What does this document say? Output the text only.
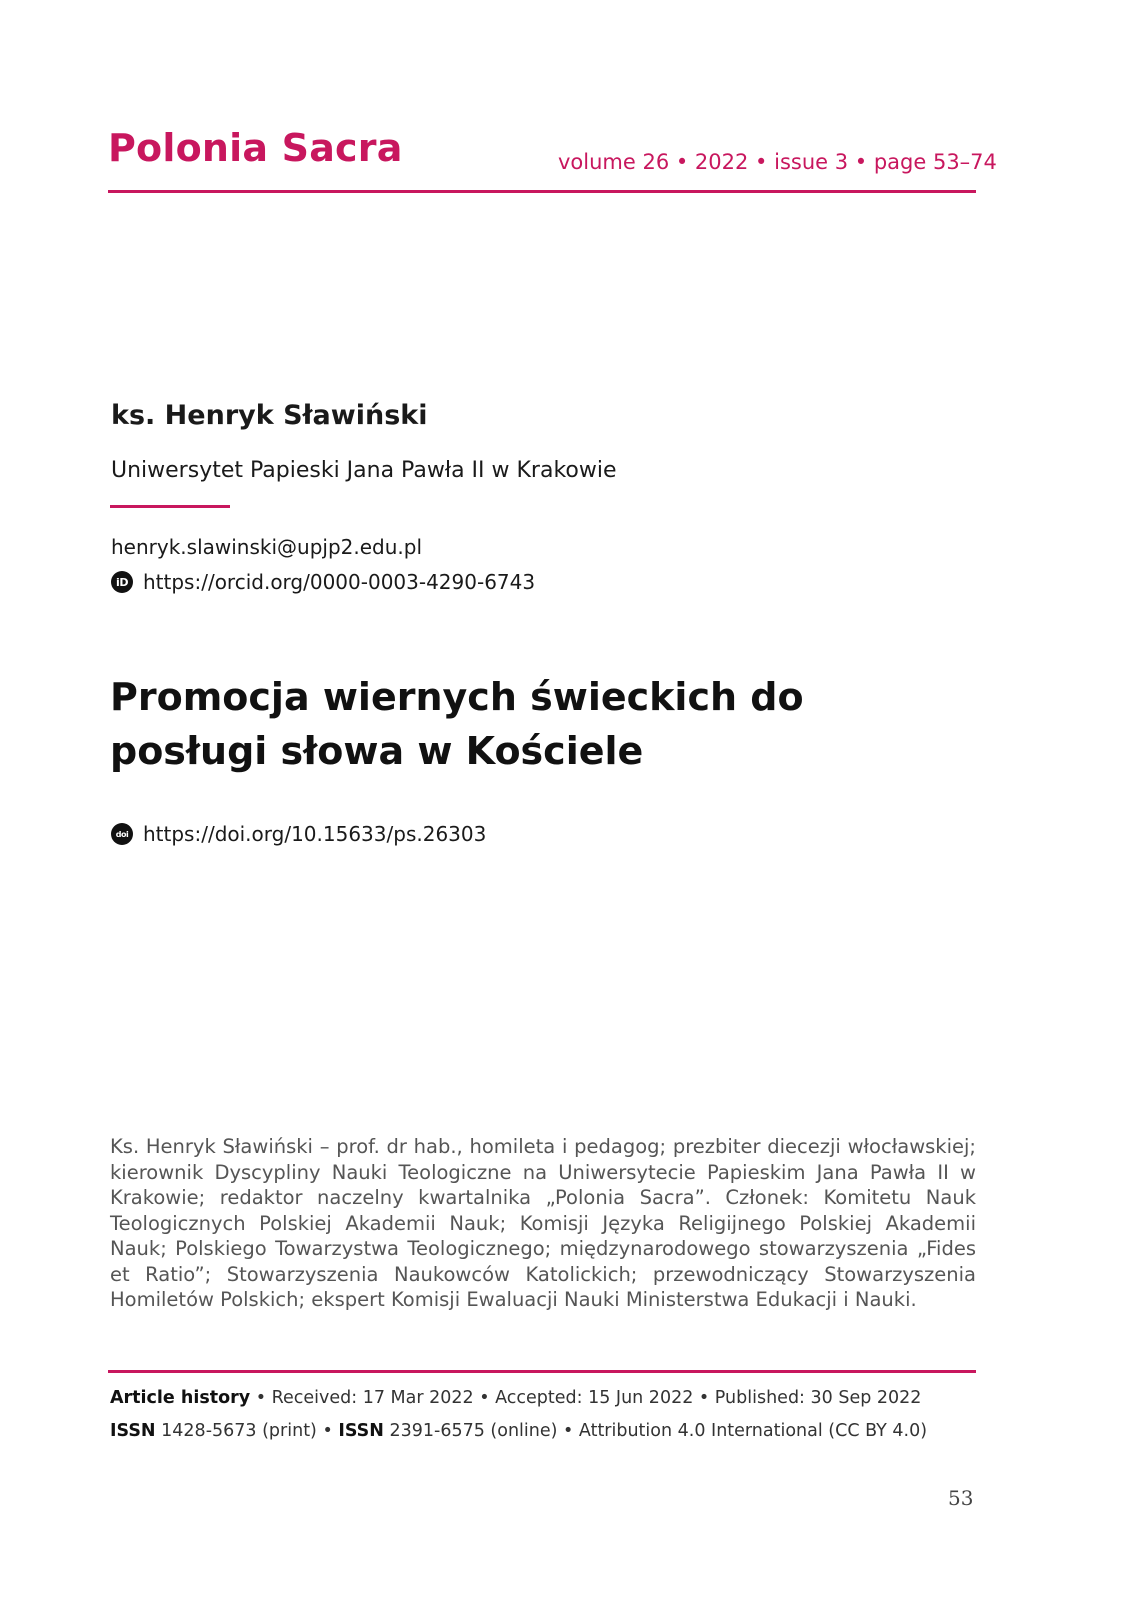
Polonia Sacra	volume 26 • 2022 • issue 3 • page 53–74
ks. Henryk Sławiński
Uniwersytet Papieski Jana Pawła II w Krakowie
henryk.slawinski@upjp2.edu.pl
iD https://orcid.org/0000-0003-4290-6743
Promocja wiernych świeckich do
posługi słowa w Kościele
doi https://doi.org/10.15633/ps.26303
Ks. Henryk Sławiński – prof. dr hab., homileta i pedagog; prezbiter diecezji włocławskiej; kierownik Dyscypliny Nauki Teologiczne na Uniwersytecie Papieskim Jana Pawła II w Krakowie; redaktor naczelny kwartalnika „Polonia Sacra”. Członek: Komitetu Nauk Teologicznych Polskiej Akademii Nauk; Komisji Języka Religijnego Polskiej Akademii Nauk; Polskiego Towarzystwa Teologicznego; międzynarodowego stowarzyszenia „Fides et Ratio”; Stowarzyszenia Naukowców Katolickich; przewodniczący Stowarzyszenia Homiletów Polskich; ekspert Komisji Ewaluacji Nauki Ministerstwa Edukacji i Nauki.
Article history • Received: 17 Mar 2022 • Accepted: 15 Jun 2022 • Published: 30 Sep 2022
ISSN 1428-5673 (print) • ISSN 2391-6575 (online) • Attribution 4.0 International (CC BY 4.0)
53
